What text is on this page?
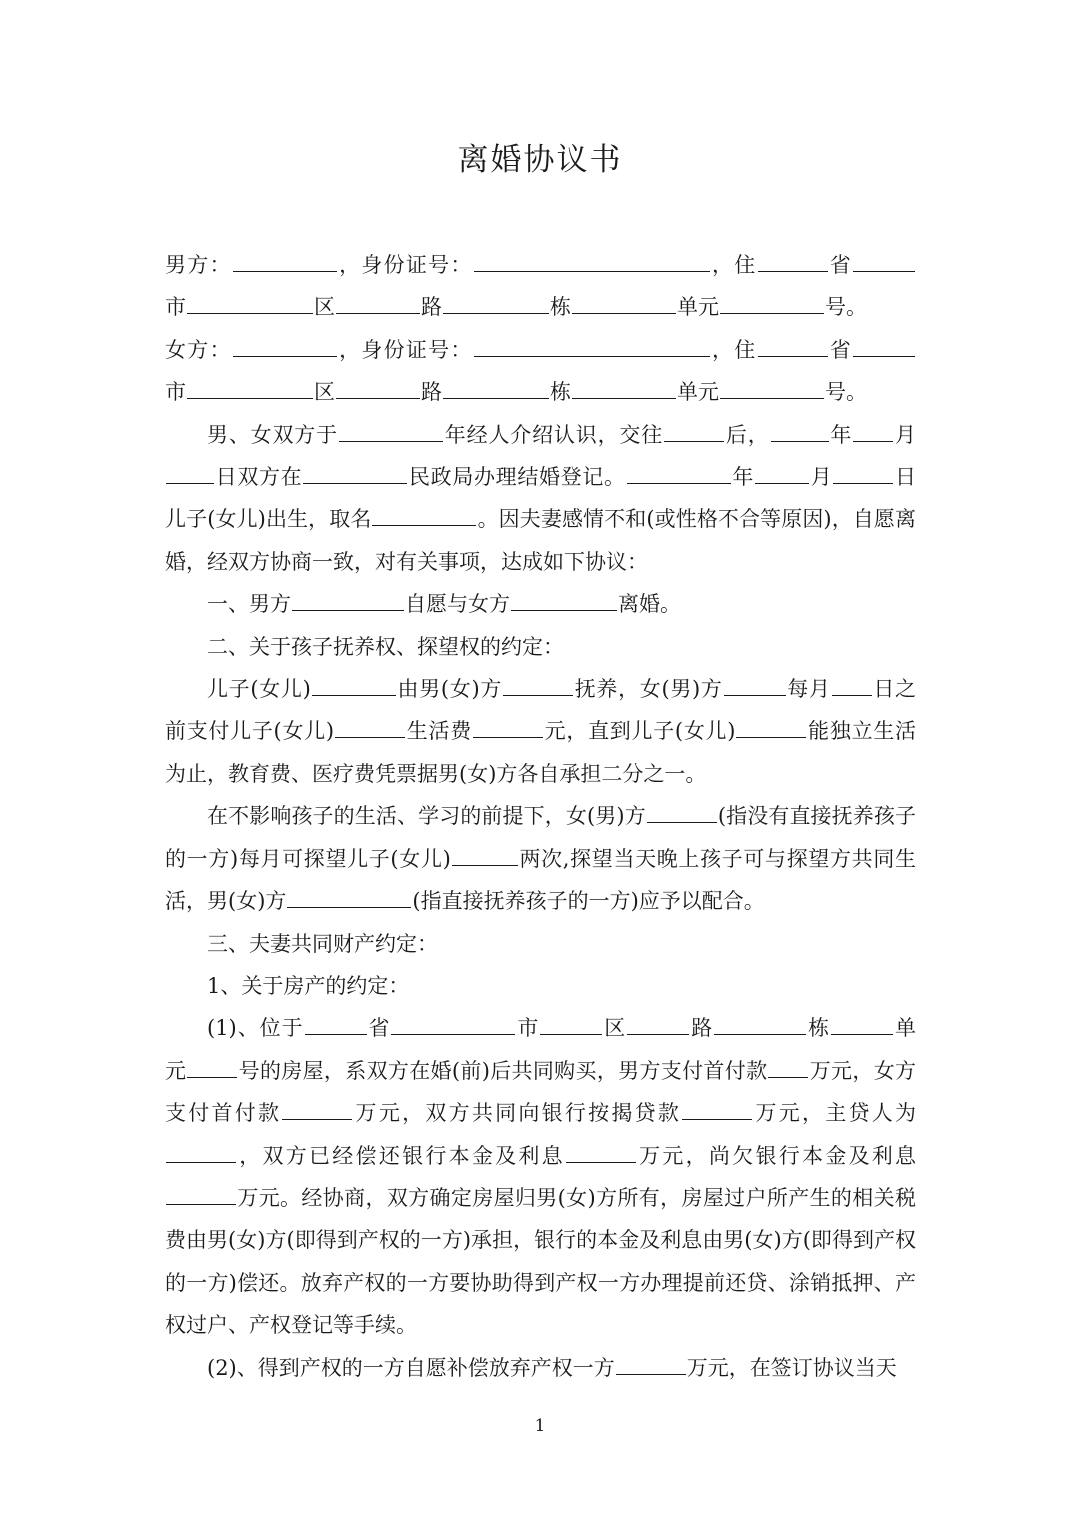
离婚协议书

男方：	，身份证号：	，住	省市	区	路	栋	单元	号。

女方：	，身份证号：	，住	省市	区	路	栋	单元	号。

男、女双方于	年经人介绍认识，交往	后，	年 月日双方在	民政局办理结婚登记。	年	月	日儿子(女儿)出生，取名	。因夫妻感情不和(或性格不合等原因)，自愿离婚，经双方协商一致，对有关事项，达成如下协议：

一、男方	自愿与女方	离婚。

二、关于孩子抚养权、探望权的约定：

儿子(女儿)	由男(女)方	抚养，女(男)方	每月 日之前支付儿子(女儿)	生活费	元，直到儿子(女儿)	能独立生活为止，教育费、医疗费凭票据男(女)方各自承担二分之一。

在不影响孩子的生活、学习的前提下，女(男)方	(指没有直接抚养孩子的一方)每月可探望儿子(女儿)	两次,探望当天晚上孩子可与探望方共同生活，男(女)方	(指直接抚养孩子的一方)应予以配合。

三、夫妻共同财产约定：

1、关于房产的约定：

(1)、位于	省	市	区	路	栋	单元 号的房屋，系双方在婚(前)后共同购买，男方支付首付款 万元，女方支付首付款	万元，双方共同向银行按揭贷款	万元，主贷人为，双方已经偿还银行本金及利息	万元，尚欠银行本金及利息万元。经协商，双方确定房屋归男(女)方所有，房屋过户所产生的相关税费由男(女)方(即得到产权的一方)承担，银行的本金及利息由男(女)方(即得到产权的一方)偿还。放弃产权的一方要协助得到产权一方办理提前还贷、涂销抵押、产权过户、产权登记等手续。

(2)、得到产权的一方自愿补偿放弃产权一方	万元，在签订协议当天

1
